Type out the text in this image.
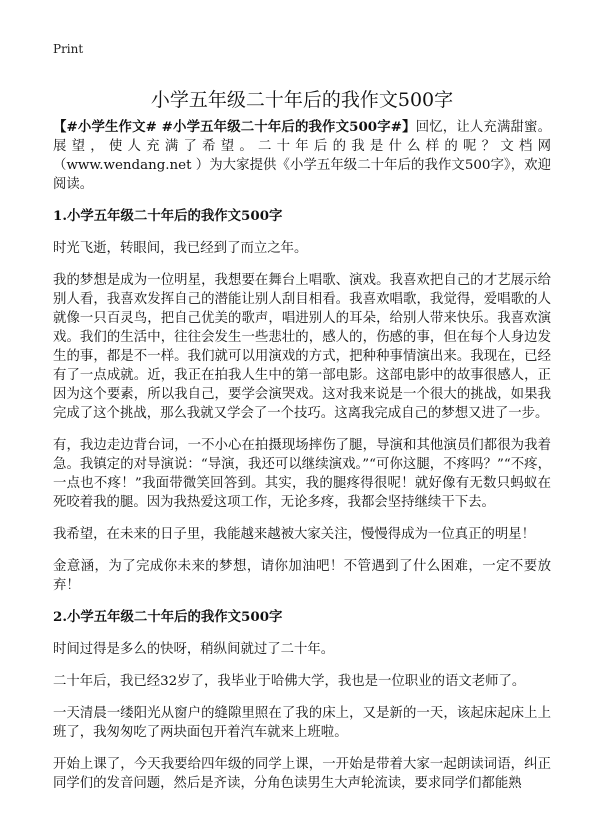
Print
小学五年级二十年后的我作文500字

【#小学生作文# #小学五年级二十年后的我作文500字#】回忆，让人充满甜蜜。展望，使人充满了希望。二十年后的我是什么样的呢？文档网（www.wendang.net ）为大家提供《小学五年级二十年后的我作文500字》，欢迎阅读。

1.小学五年级二十年后的我作文500字

时光飞逝，转眼间，我已经到了而立之年。

我的梦想是成为一位明星，我想要在舞台上唱歌、演戏。我喜欢把自己的才艺展示给别人看，我喜欢发挥自己的潜能让别人刮目相看。我喜欢唱歌，我觉得，爱唱歌的人就像一只百灵鸟，把自己优美的歌声，唱进别人的耳朵，给别人带来快乐。我喜欢演戏。我们的生活中，往往会发生一些悲壮的，感人的，伤感的事，但在每个人身边发生的事，都是不一样。我们就可以用演戏的方式，把种种事情演出来。我现在，已经有了一点成就。近，我正在拍我人生中的第一部电影。这部电影中的故事很感人，正因为这个要素，所以我自己，要学会演哭戏。这对我来说是一个很大的挑战，如果我完成了这个挑战，那么我就又学会了一个技巧。这离我完成自己的梦想又进了一步。

有，我边走边背台词，一不小心在拍摄现场摔伤了腿，导演和其他演员们都很为我着急。我镇定的对导演说：“导演，我还可以继续演戏。”“可你这腿，不疼吗？”“不疼，一点也不疼！”我面带微笑回答到。其实，我的腿疼得很呢！就好像有无数只蚂蚁在死咬着我的腿。因为我热爱这项工作，无论多疼，我都会坚持继续干下去。

我希望，在未来的日子里，我能越来越被大家关注，慢慢得成为一位真正的明星！

金意涵，为了完成你未来的梦想，请你加油吧！不管遇到了什么困难，一定不要放弃！

2.小学五年级二十年后的我作文500字

时间过得是多么的快呀，稍纵间就过了二十年。

二十年后，我已经32岁了，我毕业于哈佛大学，我也是一位职业的语文老师了。

一天清晨一缕阳光从窗户的缝隙里照在了我的床上，又是新的一天，该起床起床上上班了，我匆匆吃了两块面包开着汽车就来上班啦。

开始上课了，今天我要给四年级的同学上课，一开始是带着大家一起朗读词语，纠正同学们的发音问题，然后是齐读，分角色读男生大声轮流读，要求同学们都能熟
